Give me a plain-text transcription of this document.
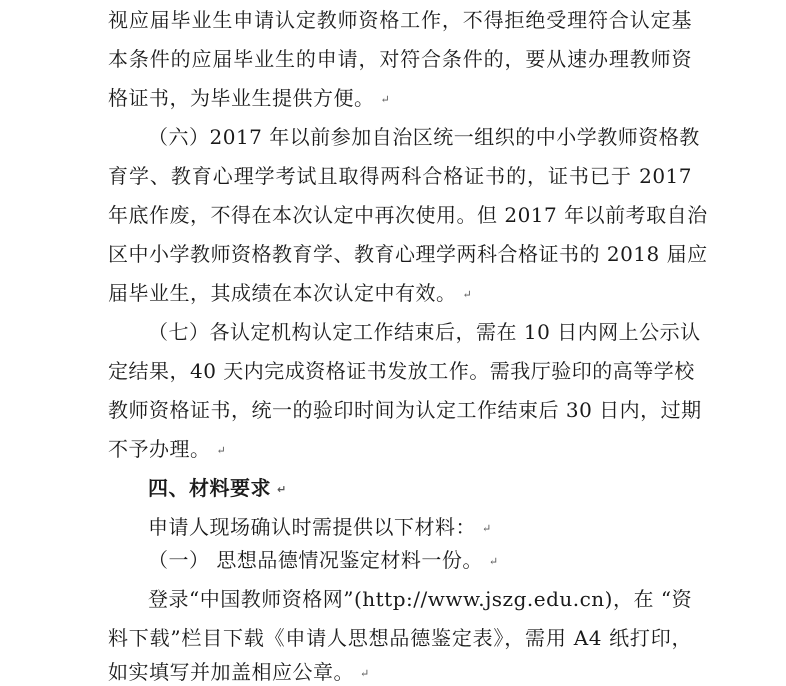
视应届毕业生申请认定教师资格工作，不得拒绝受理符合认定基
本条件的应届毕业生的申请，对符合条件的，要从速办理教师资
格证书，为毕业生提供方便。 ↵
（六）2017 年以前参加自治区统一组织的中小学教师资格教
育学、教育心理学考试且取得两科合格证书的，证书已于 2017
年底作废，不得在本次认定中再次使用。但 2017 年以前考取自治
区中小学教师资格教育学、教育心理学两科合格证书的 2018 届应
届毕业生，其成绩在本次认定中有效。 ↵
（七）各认定机构认定工作结束后，需在 10 日内网上公示认
定结果，40 天内完成资格证书发放工作。需我厅验印的高等学校
教师资格证书，统一的验印时间为认定工作结束后 30 日内，过期
不予办理。 ↵
四、材料要求 ↵
申请人现场确认时需提供以下材料： ↵
（一） 思想品德情况鉴定材料一份。 ↵
登录“中国教师资格网”(http://www.jszg.edu.cn)，在 “资
料下载”栏目下载《申请人思想品德鉴定表》，需用 A4 纸打印，
如实填写并加盖相应公章。 ↵
